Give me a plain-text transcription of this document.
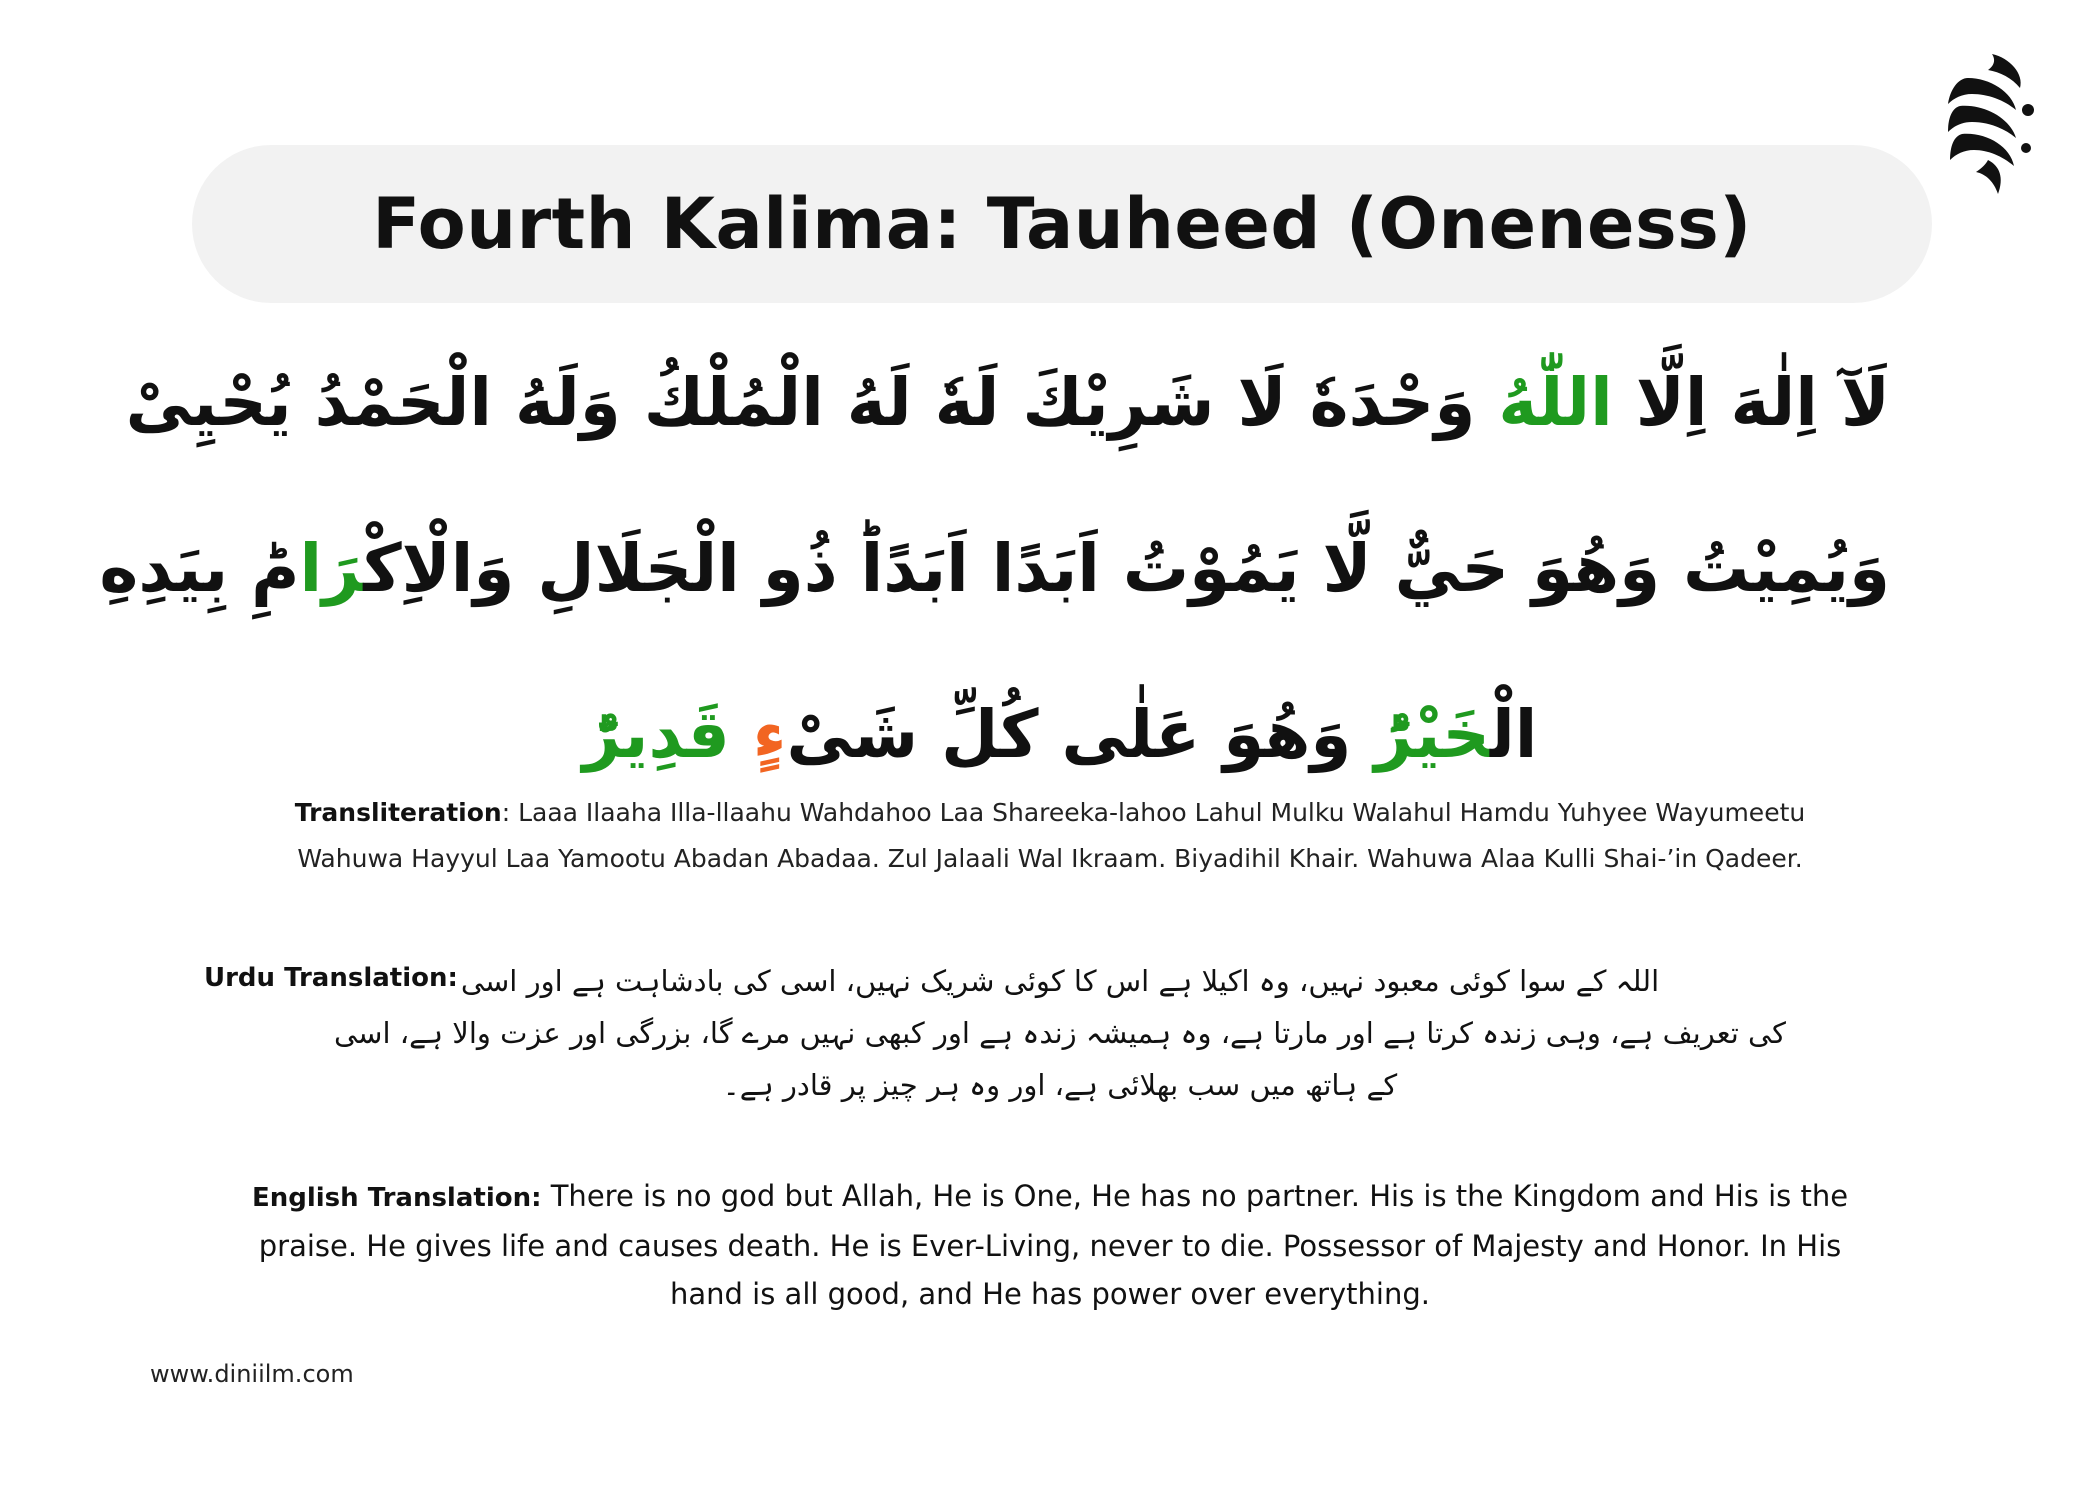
Fourth Kalima: Tauheed (Oneness)
لَآ اِلٰهَ اِلَّا اللّٰهُ وَحْدَهٗ لَا شَرِيْكَ لَهٗ لَهُ الْمُلْكُ وَلَهُ الْحَمْدُ يُحْيِىْ
وَيُمِيْتُ وَهُوَ حَيٌّ لَّا يَمُوْتُ اَبَدًا اَبَدًاؕ ذُو الْجَلَالِ وَالْاِكْرَامِؕ بِيَدِهِ
الْخَيْرُؕ وَهُوَ عَلٰى كُلِّ شَىْءٍ قَدِيرٌ
Transliteration: Laaa Ilaaha Illa-llaahu Wahdahoo Laa Shareeka-lahoo Lahul Mulku Walahul Hamdu Yuhyee Wayumeetu
Wahuwa Hayyul Laa Yamootu Abadan Abadaa. Zul Jalaali Wal Ikraam. Biyadihil Khair. Wahuwa Alaa Kulli Shai-’in Qadeer.
Urdu Translation: اللہ کے سوا کوئی معبود نہیں، وہ اکیلا ہے اس کا کوئی شریک نہیں، اسی کی بادشاہت ہے اور اسی
کی تعریف ہے، وہی زندہ کرتا ہے اور مارتا ہے، وہ ہمیشہ زندہ ہے اور کبھی نہیں مرے گا، بزرگی اور عزت والا ہے، اسی
کے ہاتھ میں سب بھلائی ہے، اور وہ ہر چیز پر قادر ہے۔
English Translation: There is no god but Allah, He is One, He has no partner. His is the Kingdom and His is the
praise. He gives life and causes death. He is Ever-Living, never to die. Possessor of Majesty and Honor. In His
hand is all good, and He has power over everything.
www.diniilm.com
